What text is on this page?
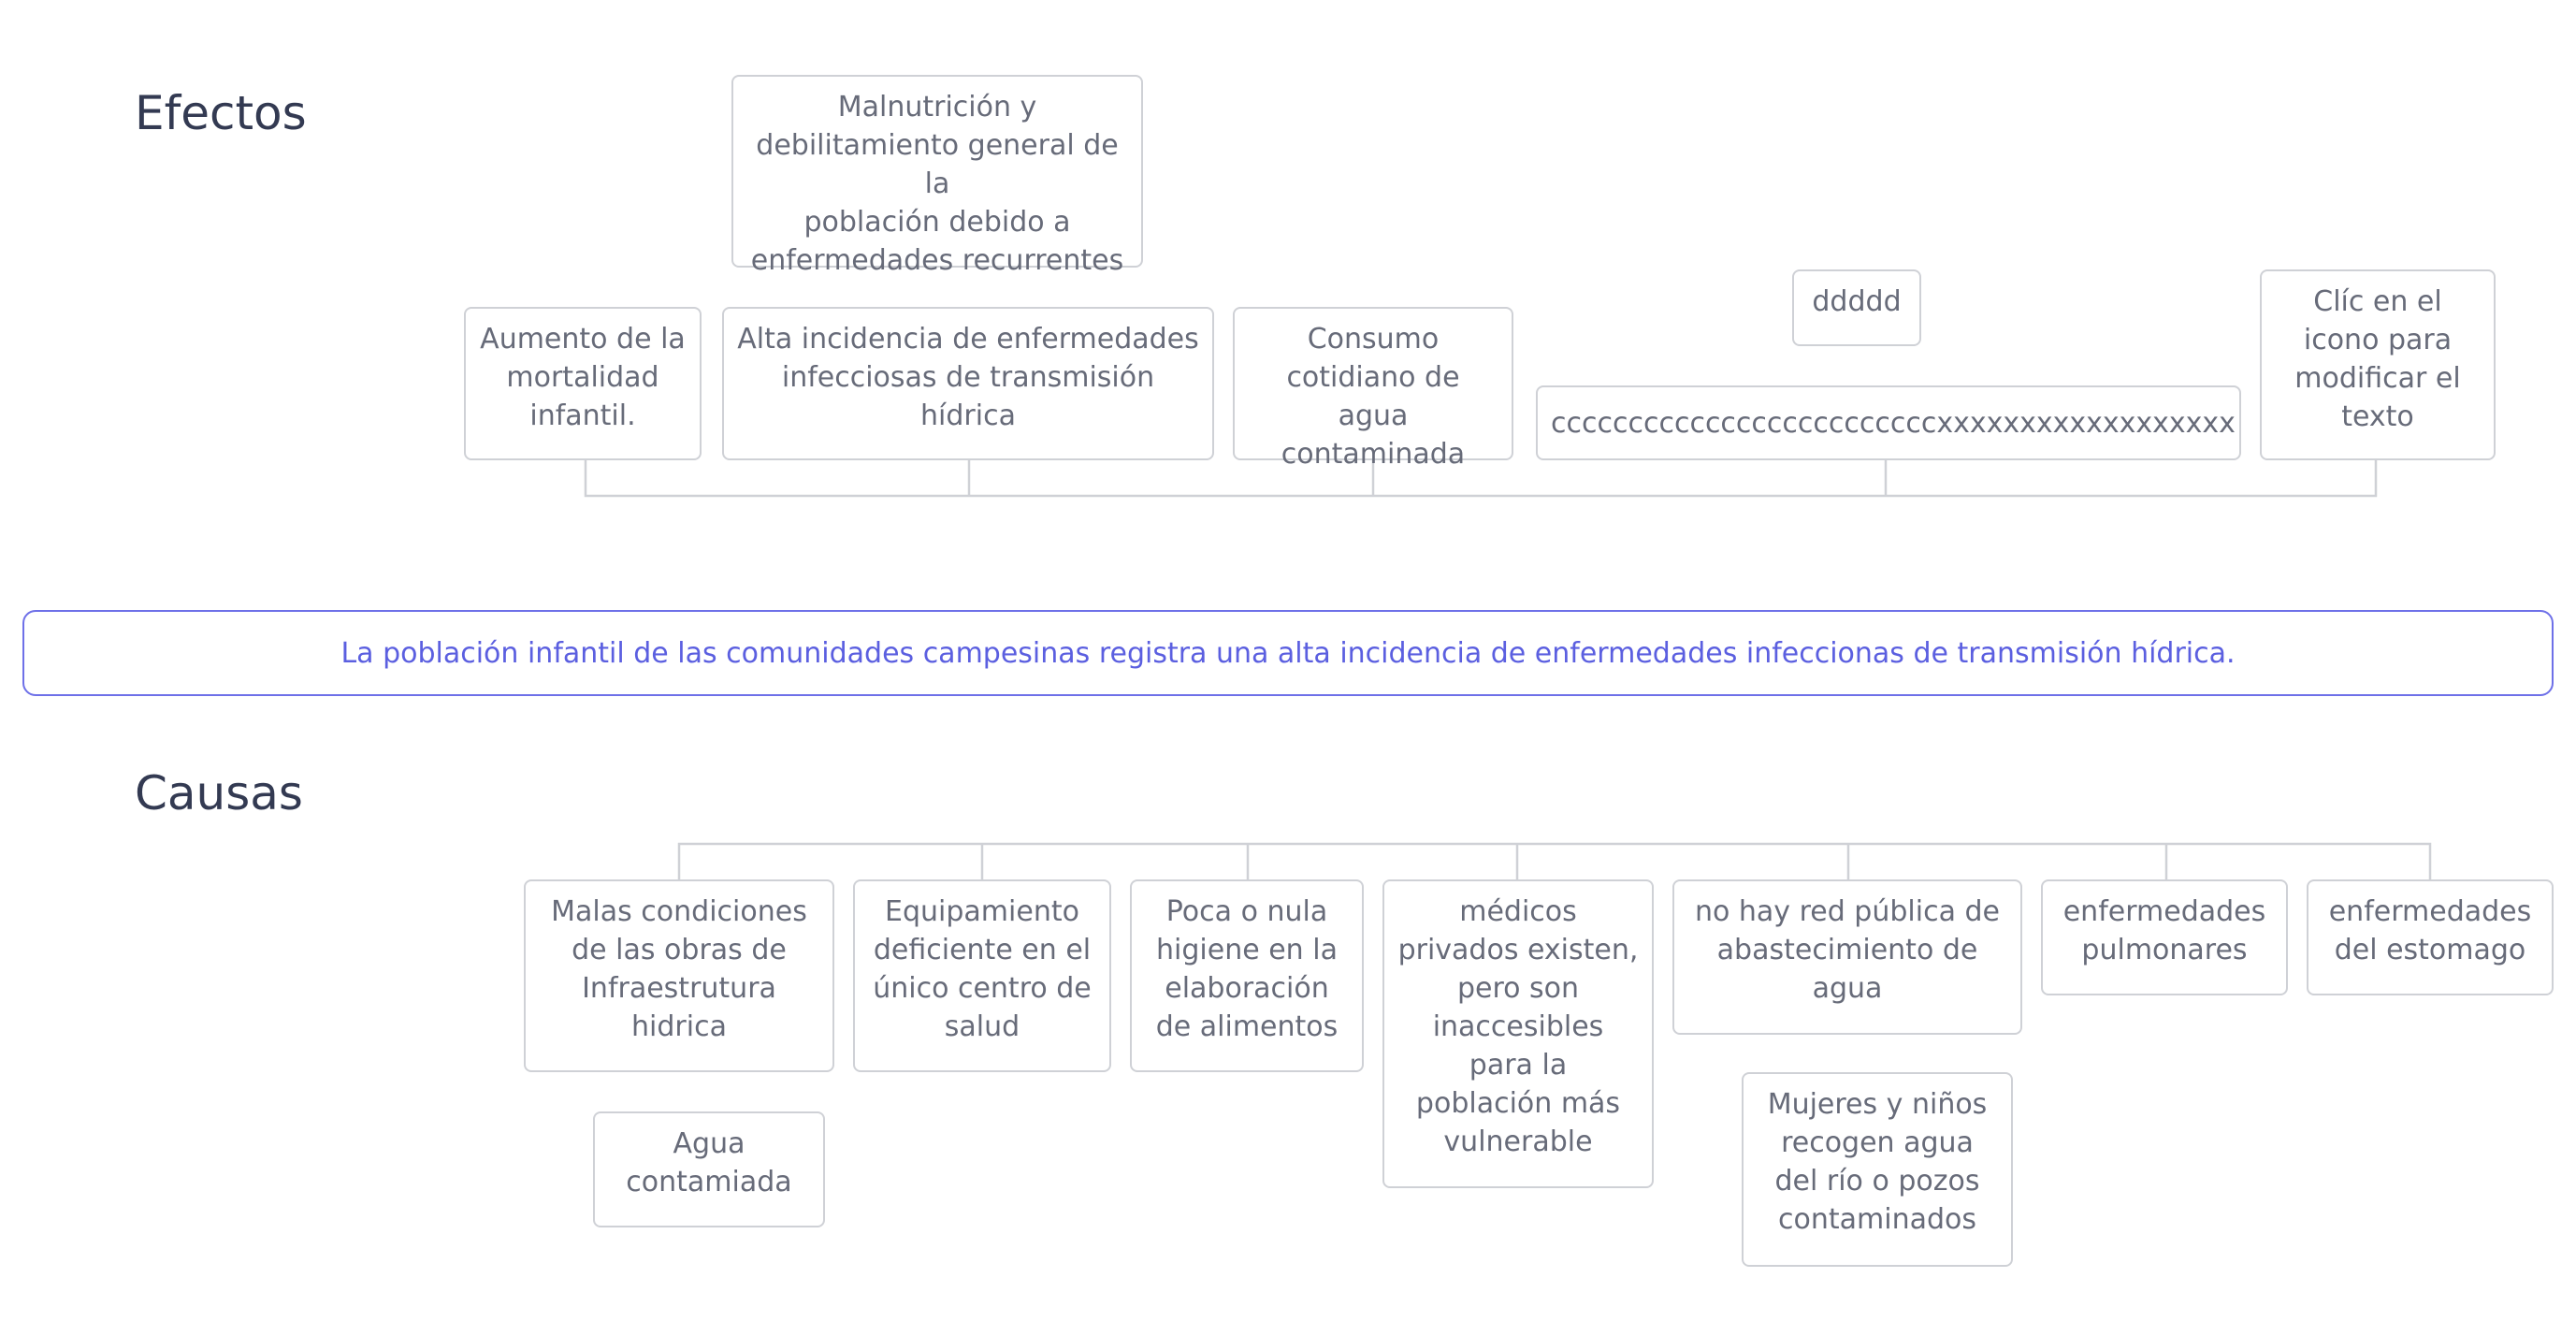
Efectos	Malnutrición y
debilitamiento general de la
población debido a
enfermedades recurrentes
Aumento de la
mortalidad
infantil.
Alta incidencia de enfermedades
infecciosas de transmisión
hídrica
Consumo
cotidiano de agua
contaminada
ddddd
cccccccccccccccccccccccccxxxxxxxxxxxxxxxxxx
Clíc en el
icono para
modificar el
texto
La población infantil de las comunidades campesinas registra una alta incidencia de enfermedades infeccionas de transmisión hídrica.
Causas
Malas condiciones
de las obras de
Infraestrutura
hidrica
Equipamiento
deficiente en el
único centro de
salud
Poca o nula
higiene en la
elaboración
de alimentos
médicos
privados existen,
pero son
inaccesibles
para la
población más
vulnerable
no hay red pública de
abastecimiento de
agua
enfermedades
pulmonares
enfermedades
del estomago
Agua
contamiada
Mujeres y niños
recogen agua
del río o pozos
contaminados
